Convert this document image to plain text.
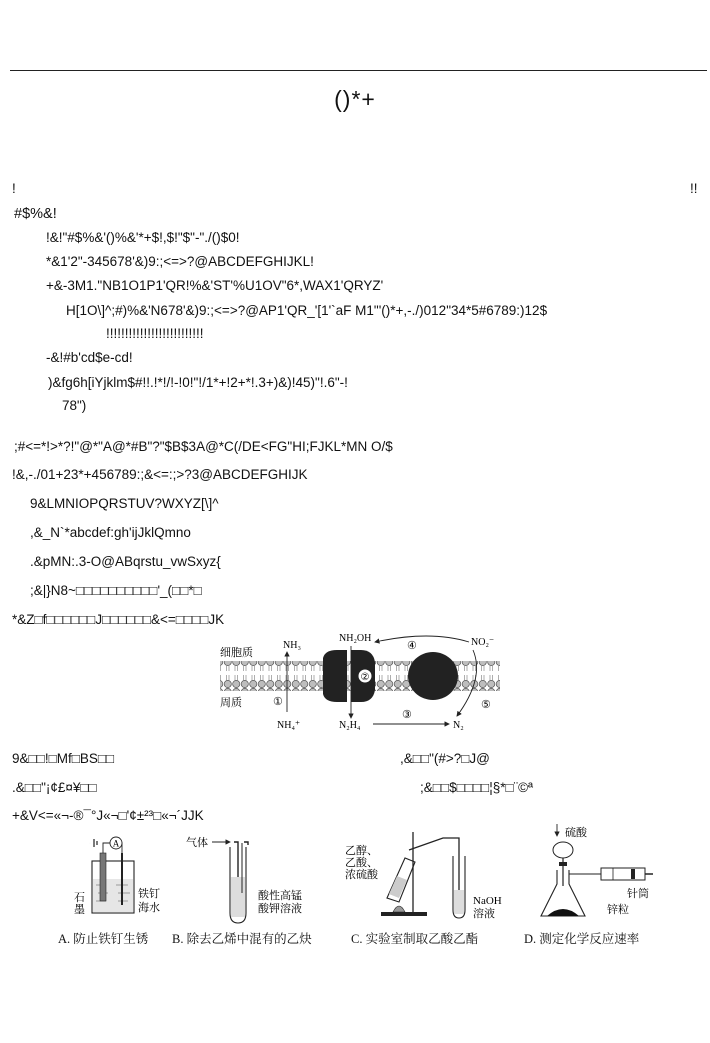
()*+
!	!!
#$%&!
!&!"#$%&'()%&'*+$!,$!"$"-"./()$0!
*&1'2"-345678'&)9:;<=>?@ABCDEFGHIJKL!
+&-3M1."NB1O1P1'QR!%&'ST'%U1OV"6*,WAX1'QRYZ'
H[1O\]^;#)%&'N678'&)9:;<=>?@AP1'QR_'[1'`aF M1"'()*+,-./)012"34*5#6789:)12$
!!!!!!!!!!!!!!!!!!!!!!!!!!
-&!#b'cd$e-cd!
)&fg6h[iYjklm$#!!.!*!/!-!0!"!/1*+!2+*!.3+)&)!45)"!.6"-!
78")
;#<=*!>*?!"@*"A@*#B"?"$B$3A@*C(/DE<FG"HI;FJKL*MN O/$
!&,-./01+23*+456789:;&<=:;>?3@ABCDEFGHIJK
9&LMNIOPQRSTUV?WXYZ[\]^
,&_N`*abcdef:gh'ijJklQmno
.&pMN:.3-O@ABqrstu_vwSxyz{
;&|}N8~□□□□□□□□□□'_(□□*□
*&Z□f□□□□□□J□□□□□□&<=□□□□JK
②
细胞质
周质
NH₃
NH₂OH	NO₂⁻
NH₄⁺	N₂H₄	N₂
①
③
④
⑤
9&□□!□Mf□BS□□	,&□□"(#>?□J@
.&□□"¡¢£¤¥□□	;&□□$□□□□¦§*□¨©ª
+&V<=«¬-®¯°J«¬□'¢±²³□«¬´JJK
A
石
墨
铁钉
海水
A. 防止铁钉生锈
气体
酸性高锰
酸钾溶液
B. 除去乙烯中混有的乙炔
乙醇、
乙酸、
浓硫酸
NaOH
溶液
C. 实验室制取乙酸乙酯
硫酸
针筒
锌粒
D. 测定化学反应速率
